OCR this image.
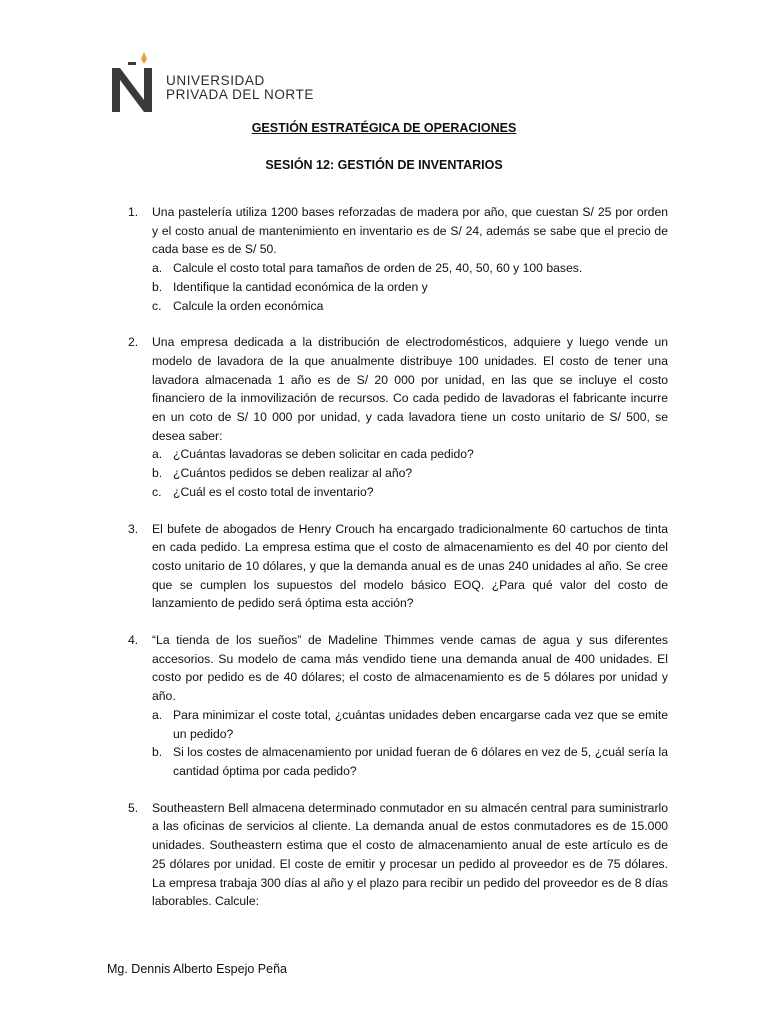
UNIVERSIDAD
PRIVADA DEL NORTE
GESTIÓN ESTRATÉGICA DE OPERACIONES
SESIÓN 12: GESTIÓN DE INVENTARIOS
1. Una pastelería utiliza 1200 bases reforzadas de madera por año, que cuestan S/ 25 por orden y el costo anual de mantenimiento en inventario es de S/ 24, además se sabe que el precio de cada base es de S/ 50.
a. Calcule el costo total para tamaños de orden de 25, 40, 50, 60 y 100 bases.
b. Identifique la cantidad económica de la orden y
c. Calcule la orden económica
2. Una empresa dedicada a la distribución de electrodomésticos, adquiere y luego vende un modelo de lavadora de la que anualmente distribuye 100 unidades. El costo de tener una lavadora almacenada 1 año es de S/ 20 000 por unidad, en las que se incluye el costo financiero de la inmovilización de recursos. Co cada pedido de lavadoras el fabricante incurre en un coto de S/ 10 000 por unidad, y cada lavadora tiene un costo unitario de S/ 500, se desea saber:
a. ¿Cuántas lavadoras se deben solicitar en cada pedido?
b. ¿Cuántos pedidos se deben realizar al año?
c. ¿Cuál es el costo total de inventario?
3. El bufete de abogados de Henry Crouch ha encargado tradicionalmente 60 cartuchos de tinta en cada pedido. La empresa estima que el costo de almacenamiento es del 40 por ciento del costo unitario de 10 dólares, y que la demanda anual es de unas 240 unidades al año. Se cree que se cumplen los supuestos del modelo básico EOQ. ¿Para qué valor del costo de lanzamiento de pedido será óptima esta acción?
4. “La tienda de los sueños” de Madeline Thimmes vende camas de agua y sus diferentes accesorios. Su modelo de cama más vendido tiene una demanda anual de 400 unidades. El costo por pedido es de 40 dólares; el costo de almacenamiento es de 5 dólares por unidad y año.
a. Para minimizar el coste total, ¿cuántas unidades deben encargarse cada vez que se emite un pedido?
b. Si los costes de almacenamiento por unidad fueran de 6 dólares en vez de 5, ¿cuál sería la cantidad óptima por cada pedido?
5. Southeastern Bell almacena determinado conmutador en su almacén central para suministrarlo a las oficinas de servicios al cliente. La demanda anual de estos conmutadores es de 15.000 unidades. Southeastern estima que el costo de almacenamiento anual de este artículo es de 25 dólares por unidad. El coste de emitir y procesar un pedido al proveedor es de 75 dólares. La empresa trabaja 300 días al año y el plazo para recibir un pedido del proveedor es de 8 días laborables. Calcule:
Mg. Dennis Alberto Espejo Peña
